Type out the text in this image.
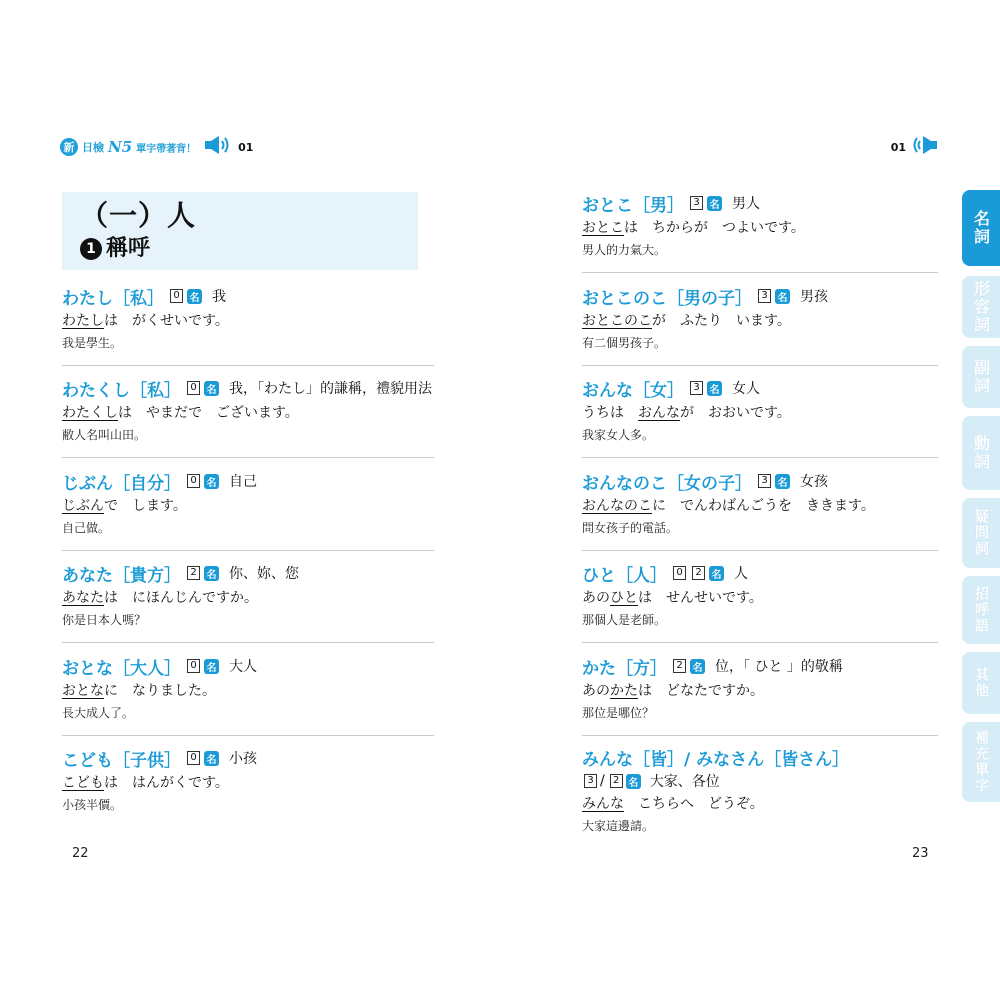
新 日檢 N5 單字帶著背！	01	01
（一）人
1 稱呼
わたし［私］ 0 名 我
わたしは　がくせいです。
我是學生。
わたくし［私］ 0 名 我，「わたし」的謙稱，禮貌用法
わたくしは　やまだで　ございます。
敝人名叫山田。
じぶん［自分］ 0 名 自己
じぶんで　します。
自己做。
あなた［貴方］ 2 名 你、妳、您
あなたは　にほんじんですか。
你是日本人嗎？
おとな［大人］ 0 名 大人
おとなに　なりました。
長大成人了。
こども［子供］ 0 名 小孩
こどもは　はんがくです。
小孩半價。
おとこ［男］ 3 名 男人
おとこは　ちからが　つよいです。
男人的力氣大。
おとこのこ［男の子］ 3 名 男孩
おとこのこが　ふたり　います。
有二個男孩子。
おんな［女］ 3 名 女人
うちは　おんなが　おおいです。
我家女人多。
おんなのこ［女の子］ 3 名 女孩
おんなのこに　でんわばんごうを　ききます。
問女孩子的電話。
ひと［人］ 0	2 名 人
あのひとは　せんせいです。
那個人是老師。
かた［方］ 2 名 位，「 ひと 」的敬稱
あのかたは　どなたですか。
那位是哪位？
みんな［皆］/ みなさん［皆さん］
3 / 2 名 大家、各位
みんな　こちらへ　どうぞ。
大家這邊請。
22	23
名詞
形容詞
副詞
動詞
疑問詞
招呼語
其他
補充單字
